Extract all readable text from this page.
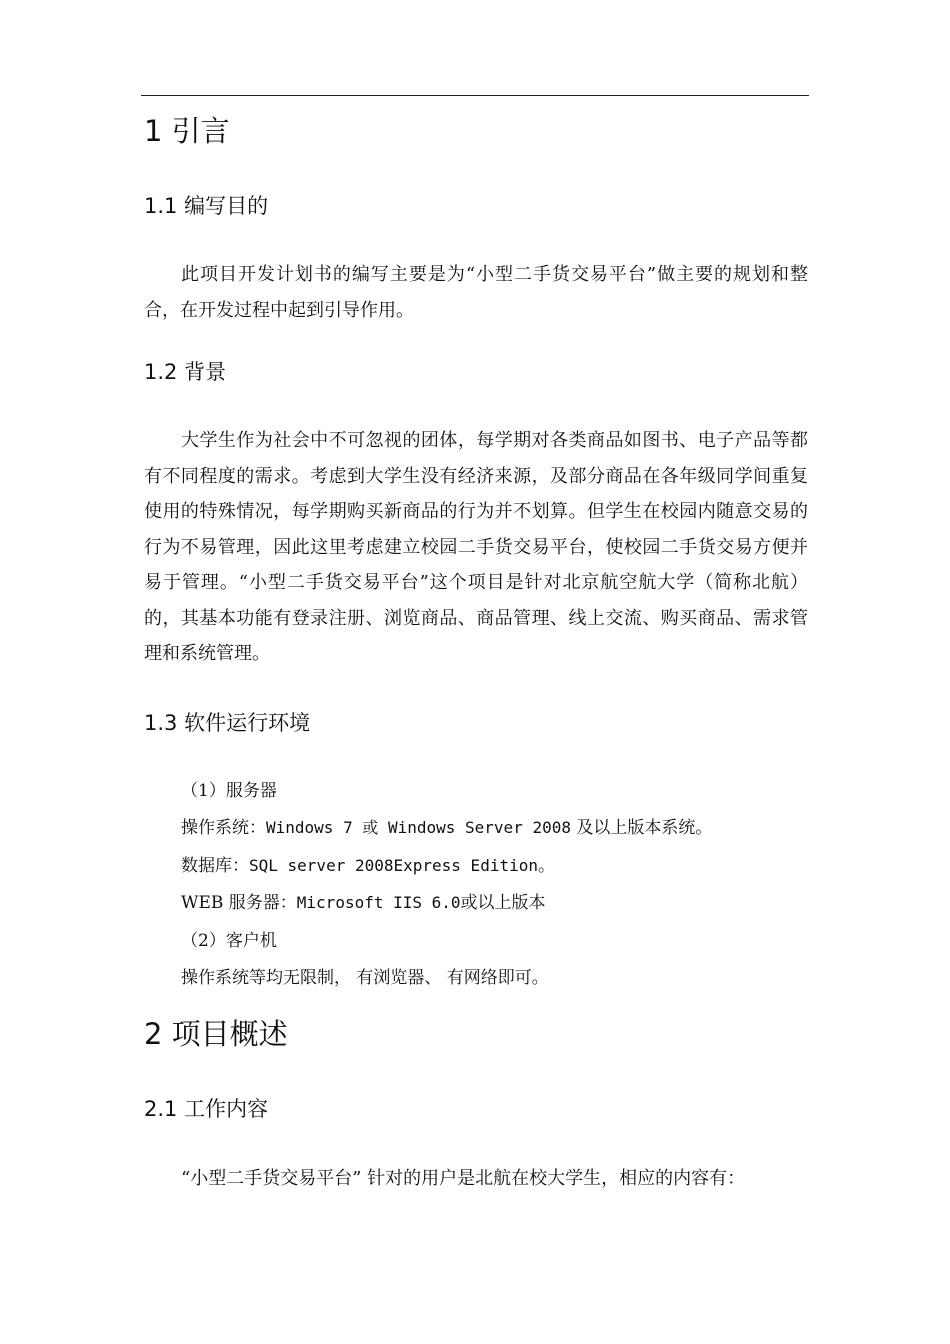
1 引言
1.1 编写目的

此项目开发计划书的编写主要是为“小型二手货交易平台”做主要的规划和整合，在开发过程中起到引导作用。

1.2 背景

大学生作为社会中不可忽视的团体，每学期对各类商品如图书、电子产品等都有不同程度的需求。考虑到大学生没有经济来源，及部分商品在各年级同学间重复使用的特殊情况，每学期购买新商品的行为并不划算。但学生在校园内随意交易的行为不易管理，因此这里考虑建立校园二手货交易平台，使校园二手货交易方便并易于管理。“小型二手货交易平台”这个项目是针对北京航空航大学（简称北航）的，其基本功能有登录注册、浏览商品、商品管理、线上交流、购买商品、需求管理和系统管理。

1.3 软件运行环境

（1）服务器

操作系统：Windows 7 或 Windows Server 2008 及以上版本系统。

数据库：SQL server 2008Express Edition。

WEB 服务器：Microsoft IIS 6.0或以上版本

（2）客户机

操作系统等均无限制， 有浏览器、 有网络即可。

2 项目概述
2.1 工作内容

“小型二手货交易平台” 针对的用户是北航在校大学生，相应的内容有：
